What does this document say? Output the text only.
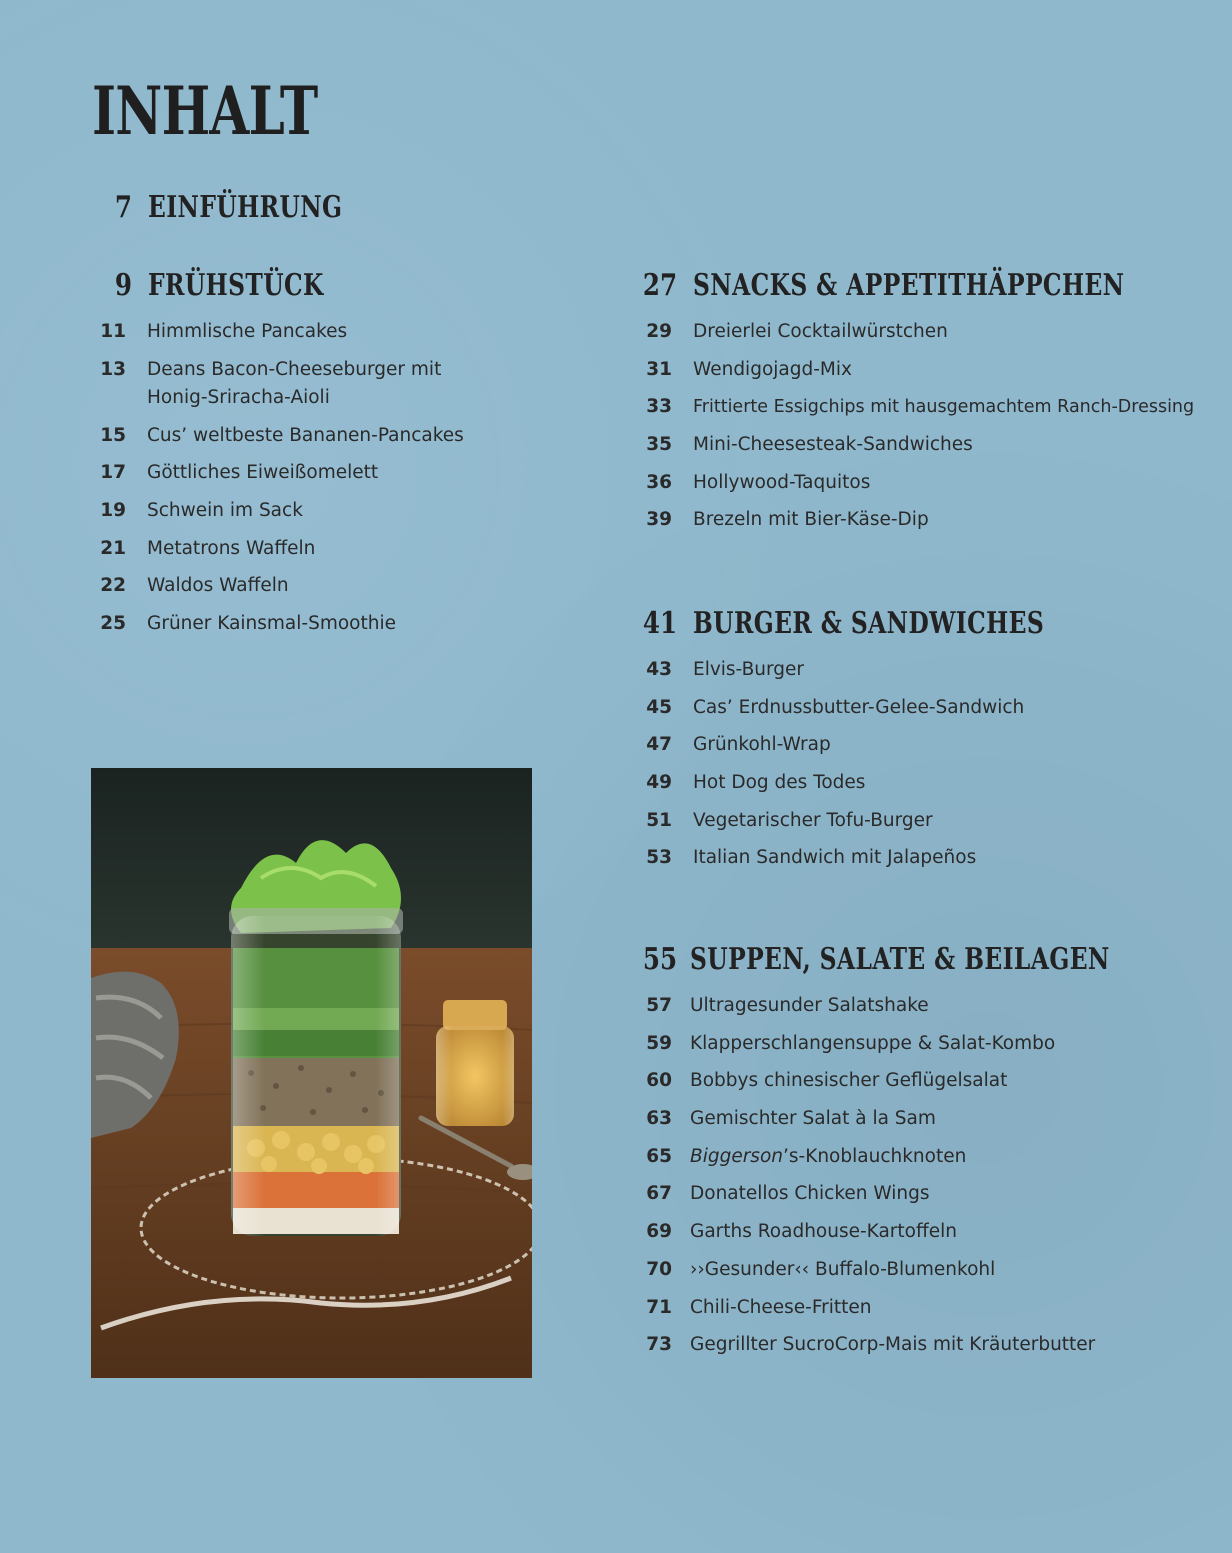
INHALT
7 EINFÜHRUNG
9 FRÜHSTÜCK
11 Himmlische Pancakes
13 Deans Bacon-Cheeseburger mit
Honig-Sriracha-Aioli
15 Cus’ weltbeste Bananen-Pancakes
17 Göttliches Eiweißomelett
19 Schwein im Sack
21 Metatrons Waffeln
22 Waldos Waffeln
25 Grüner Kainsmal-Smoothie
27 SNACKS & APPETITHÄPPCHEN
29 Dreierlei Cocktailwürstchen
31 Wendigojagd-Mix
33 Frittierte Essigchips mit hausgemachtem Ranch-Dressing
35 Mini-Cheesesteak-Sandwiches
36 Hollywood-Taquitos
39 Brezeln mit Bier-Käse-Dip
41 BURGER & SANDWICHES
43 Elvis-Burger
45 Cas’ Erdnussbutter-Gelee-Sandwich
47 Grünkohl-Wrap
49 Hot Dog des Todes
51 Vegetarischer Tofu-Burger
53 Italian Sandwich mit Jalapeños
55 SUPPEN, SALATE & BEILAGEN
57 Ultragesunder Salatshake
59 Klapperschlangensuppe & Salat-Kombo
60 Bobbys chinesischer Geflügelsalat
63 Gemischter Salat à la Sam
65 Biggerson’s-Knoblauchknoten
67 Donatellos Chicken Wings
69 Garths Roadhouse-Kartoffeln
70 ››Gesunder‹‹ Buffalo-Blumenkohl
71 Chili-Cheese-Fritten
73 Gegrillter SucroCorp-Mais mit Kräuterbutter
